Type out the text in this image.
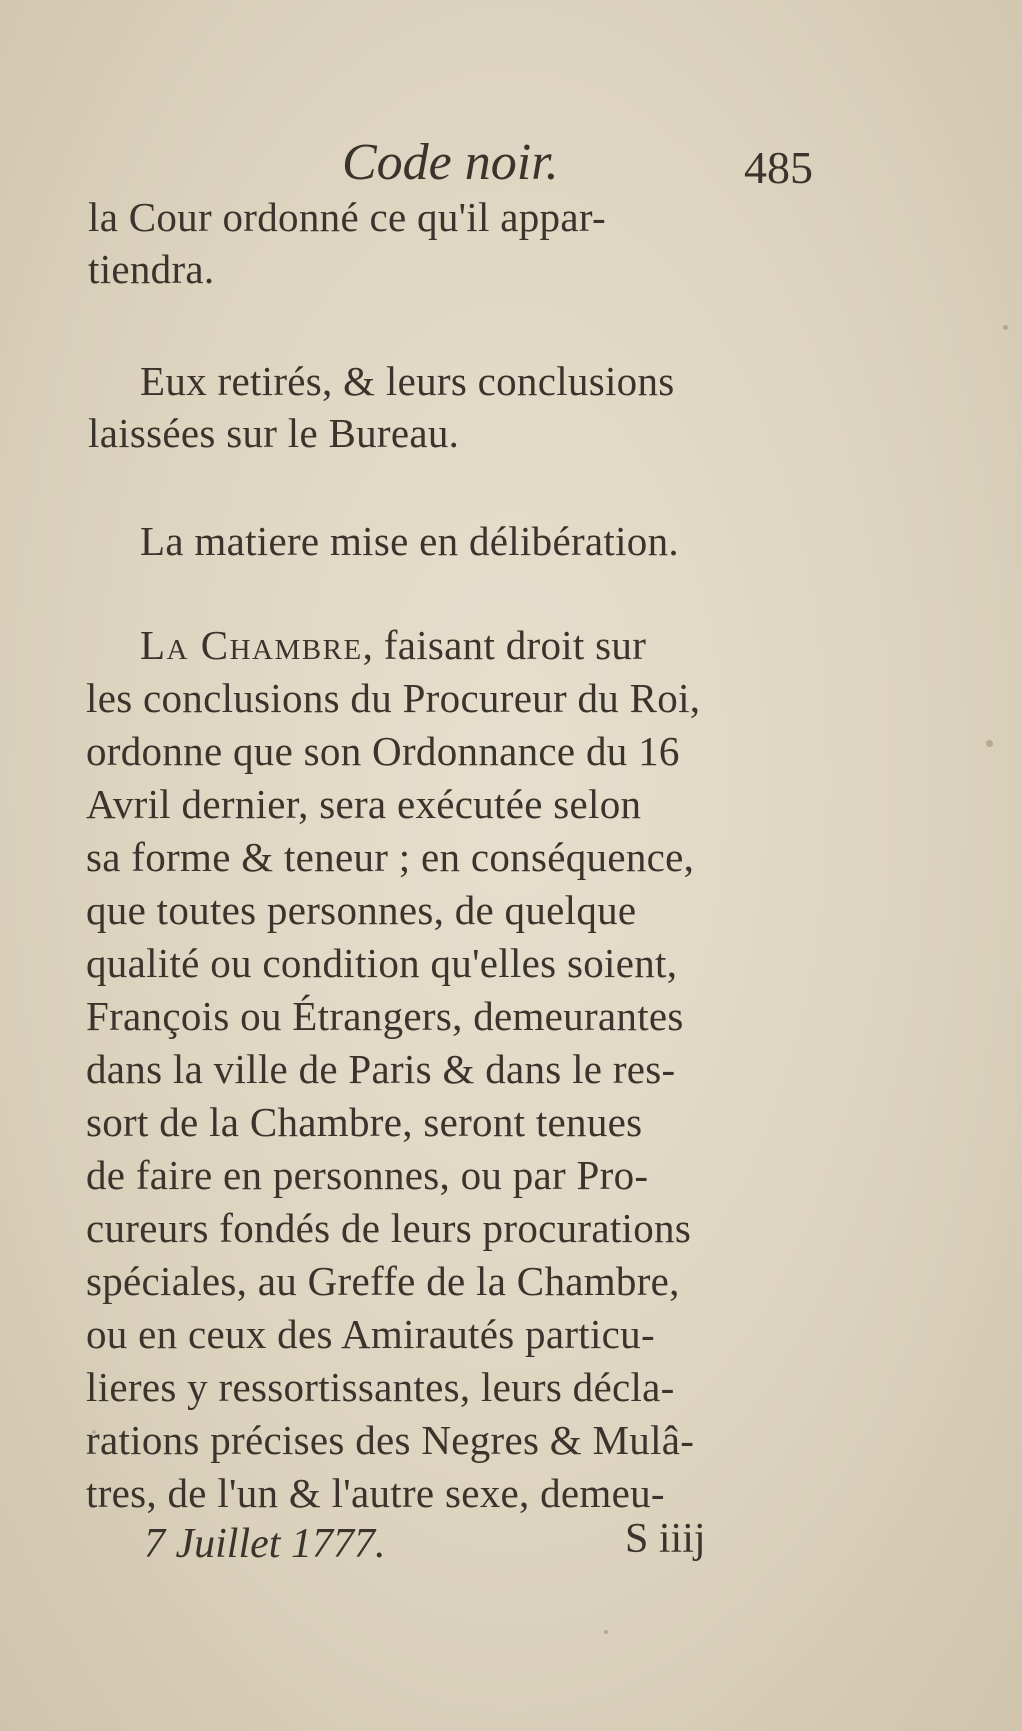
Code noir.	485
la Cour ordonné ce qu'il appar-
tiendra.
Eux retirés, & leurs conclusions
laissées sur le Bureau.
La matiere mise en délibération.
La Chambre, faisant droit sur
les conclusions du Procureur du Roi,
ordonne que son Ordonnance du 16
Avril dernier, sera exécutée selon
sa forme & teneur ; en conséquence,
que toutes personnes, de quelque
qualité ou condition qu'elles soient,
François ou Étrangers, demeurantes
dans la ville de Paris & dans le res-
sort de la Chambre, seront tenues
de faire en personnes, ou par Pro-
cureurs fondés de leurs procurations
spéciales, au Greffe de la Chambre,
ou en ceux des Amirautés particu-
lieres y ressortissantes, leurs décla-
rations précises des Negres & Mulâ-
tres, de l'un & l'autre sexe, demeu-
7 Juillet 1777.	S iiij
